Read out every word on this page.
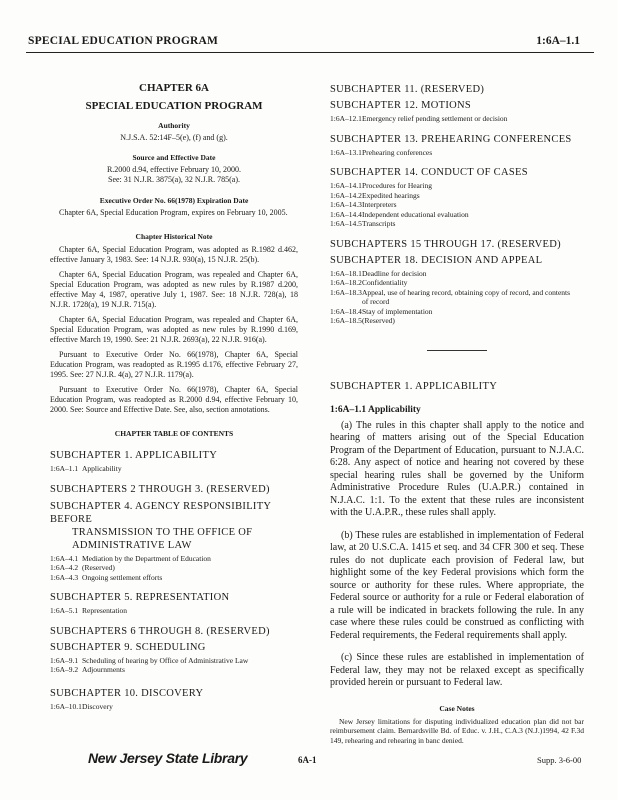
SPECIAL EDUCATION PROGRAM	1:6A–1.1
CHAPTER 6A
SPECIAL EDUCATION PROGRAM
Authority
N.J.S.A. 52:14F–5(e), (f) and (g).
Source and Effective Date
R.2000 d.94, effective February 10, 2000.
See: 31 N.J.R. 3875(a), 32 N.J.R. 785(a).
Executive Order No. 66(1978) Expiration Date
Chapter 6A, Special Education Program, expires on February 10, 2005.
Chapter Historical Note
Chapter 6A, Special Education Program, was adopted as R.1982 d.462, effective January 3, 1983. See: 14 N.J.R. 930(a), 15 N.J.R. 25(b).
Chapter 6A, Special Education Program, was repealed and Chapter 6A, Special Education Program, was adopted as new rules by R.1987 d.200, effective May 4, 1987, operative July 1, 1987. See: 18 N.J.R. 728(a), 18 N.J.R. 1728(a), 19 N.J.R. 715(a).
Chapter 6A, Special Education Program, was repealed and Chapter 6A, Special Education Program, was adopted as new rules by R.1990 d.169, effective March 19, 1990. See: 21 N.J.R. 2693(a), 22 N.J.R. 916(a).
Pursuant to Executive Order No. 66(1978), Chapter 6A, Special Education Program, was readopted as R.1995 d.176, effective February 27, 1995. See: 27 N.J.R. 4(a), 27 N.J.R. 1179(a).
Pursuant to Executive Order No. 66(1978), Chapter 6A, Special Education Program, was readopted as R.2000 d.94, effective February 10, 2000. See: Source and Effective Date. See, also, section annotations.
CHAPTER TABLE OF CONTENTS
SUBCHAPTER 1. APPLICABILITY
1:6A–1.1 Applicability
SUBCHAPTERS 2 THROUGH 3. (RESERVED)
SUBCHAPTER 4. AGENCY RESPONSIBILITY BEFORE
TRANSMISSION TO THE OFFICE OF
ADMINISTRATIVE LAW
1:6A–4.1 Mediation by the Department of Education
1:6A–4.2 (Reserved)
1:6A–4.3 Ongoing settlement efforts
SUBCHAPTER 5. REPRESENTATION
1:6A–5.1 Representation
SUBCHAPTERS 6 THROUGH 8. (RESERVED)
SUBCHAPTER 9. SCHEDULING
1:6A–9.1 Scheduling of hearing by Office of Administrative Law
1:6A–9.2 Adjournments
SUBCHAPTER 10. DISCOVERY
1:6A–10.1 Discovery
SUBCHAPTER 11. (RESERVED)
SUBCHAPTER 12. MOTIONS
1:6A–12.1 Emergency relief pending settlement or decision
SUBCHAPTER 13. PREHEARING CONFERENCES
1:6A–13.1 Prehearing conferences
SUBCHAPTER 14. CONDUCT OF CASES
1:6A–14.1 Procedures for Hearing
1:6A–14.2 Expedited hearings
1:6A–14.3 Interpreters
1:6A–14.4 Independent educational evaluation
1:6A–14.5 Transcripts
SUBCHAPTERS 15 THROUGH 17. (RESERVED)
SUBCHAPTER 18. DECISION AND APPEAL
1:6A–18.1 Deadline for decision
1:6A–18.2 Confidentiality
1:6A–18.3 Appeal, use of hearing record, obtaining copy of record, and contents of record
1:6A–18.4 Stay of implementation
1:6A–18.5 (Reserved)
SUBCHAPTER 1. APPLICABILITY
1:6A–1.1 Applicability
(a) The rules in this chapter shall apply to the notice and hearing of matters arising out of the Special Education Program of the Department of Education, pursuant to N.J.A.C. 6:28. Any aspect of notice and hearing not covered by these special hearing rules shall be governed by the Uniform Administrative Procedure Rules (U.A.P.R.) contained in N.J.A.C. 1:1. To the extent that these rules are inconsistent with the U.A.P.R., these rules shall apply.
(b) These rules are established in implementation of Federal law, at 20 U.S.C.A. 1415 et seq. and 34 CFR 300 et seq. These rules do not duplicate each provision of Federal law, but highlight some of the key Federal provisions which form the source or authority for these rules. Where appropriate, the Federal source or authority for a rule or Federal elaboration of a rule will be indicated in brackets following the rule. In any case where these rules could be construed as conflicting with Federal requirements, the Federal requirements shall apply.
(c) Since these rules are established in implementation of Federal law, they may not be relaxed except as specifically provided herein or pursuant to Federal law.
Case Notes
New Jersey limitations for disputing individualized education plan did not bar reimbursement claim. Bernardsville Bd. of Educ. v. J.H., C.A.3 (N.J.)1994, 42 F.3d 149, rehearing and rehearing in banc denied.
New Jersey State Library	6A-1	Supp. 3-6-00
